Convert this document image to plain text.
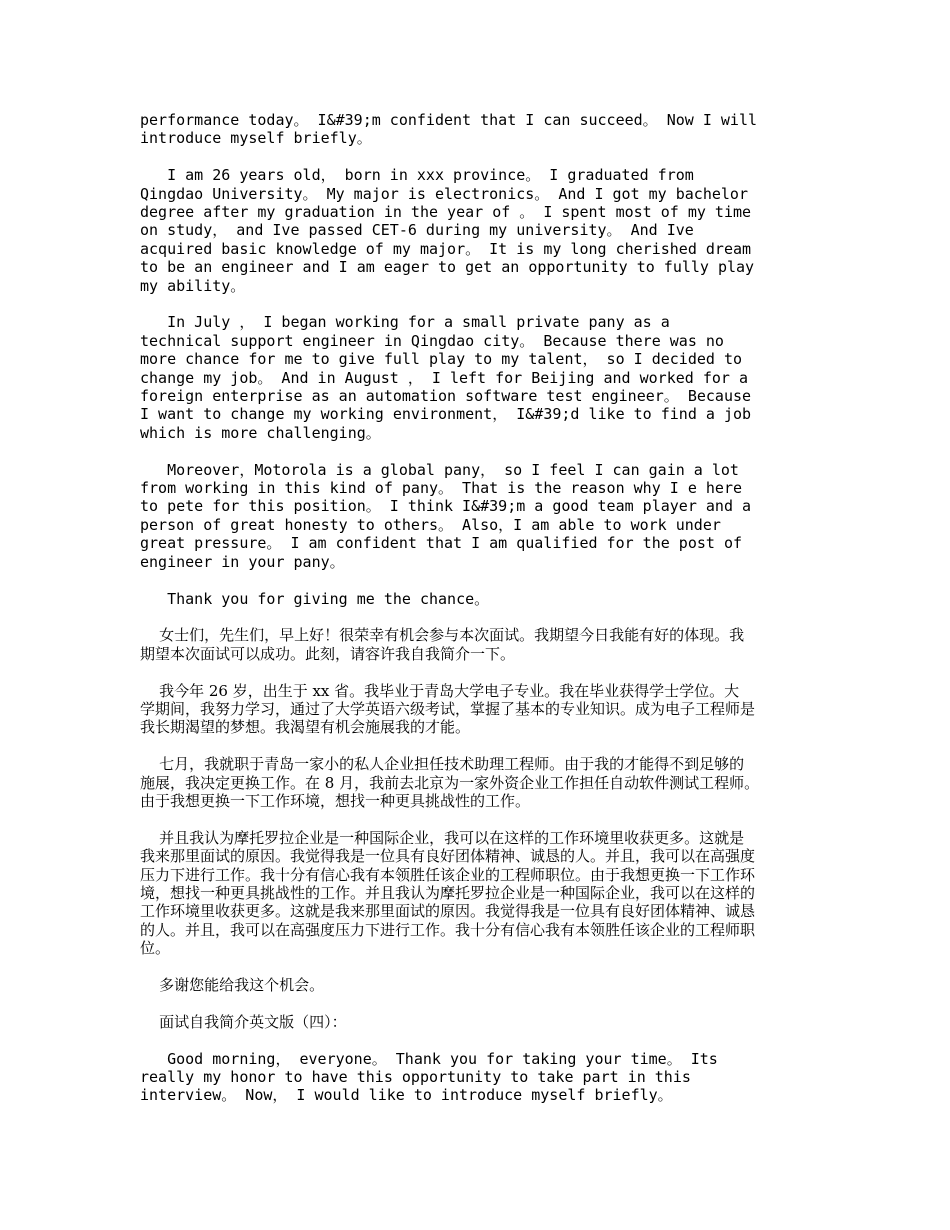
performance today。 I&#39;m confident that I can succeed。 Now I will
introduce myself briefly。

I am 26 years old， born in xxx province。 I graduated from
Qingdao University。 My major is electronics。 And I got my bachelor
degree after my graduation in the year of 。 I spent most of my time
on study， and Ive passed CET-6 during my university。 And Ive
acquired basic knowledge of my major。 It is my long cherished dream
to be an engineer and I am eager to get an opportunity to fully play
my ability。

In July ， I began working for a small private pany as a
technical support engineer in Qingdao city。 Because there was no
more chance for me to give full play to my talent， so I decided to
change my job。 And in August ， I left for Beijing and worked for a
foreign enterprise as an automation software test engineer。 Because
I want to change my working environment， I&#39;d like to find a job
which is more challenging。

Moreover，Motorola is a global pany， so I feel I can gain a lot
from working in this kind of pany。 That is the reason why I e here
to pete for this position。 I think I&#39;m a good team player and a
person of great honesty to others。 Also，I am able to work under
great pressure。 I am confident that I am qualified for the post of
engineer in your pany。

Thank you for giving me the chance。

女士们，先生们，早上好！很荣幸有机会参与本次面试。我期望今日我能有好的体现。我
期望本次面试可以成功。此刻，请容许我自我简介一下。

我今年 26 岁，出生于 xx 省。我毕业于青岛大学电子专业。我在毕业获得学士学位。大
学期间，我努力学习，通过了大学英语六级考试，掌握了基本的专业知识。成为电子工程师是
我长期渴望的梦想。我渴望有机会施展我的才能。

七月，我就职于青岛一家小的私人企业担任技术助理工程师。由于我的才能得不到足够的
施展，我决定更换工作。在 8 月，我前去北京为一家外资企业工作担任自动软件测试工程师。
由于我想更换一下工作环境，想找一种更具挑战性的工作。

并且我认为摩托罗拉企业是一种国际企业，我可以在这样的工作环境里收获更多。这就是
我来那里面试的原因。我觉得我是一位具有良好团体精神、诚恳的人。并且，我可以在高强度
压力下进行工作。我十分有信心我有本领胜任该企业的工程师职位。由于我想更换一下工作环
境，想找一种更具挑战性的工作。并且我认为摩托罗拉企业是一种国际企业，我可以在这样的
工作环境里收获更多。这就是我来那里面试的原因。我觉得我是一位具有良好团体精神、诚恳
的人。并且，我可以在高强度压力下进行工作。我十分有信心我有本领胜任该企业的工程师职
位。

多谢您能给我这个机会。

面试自我简介英文版（四）：

Good morning， everyone。 Thank you for taking your time。 Its
really my honor to have this opportunity to take part in this
interview。 Now， I would like to introduce myself briefly。
